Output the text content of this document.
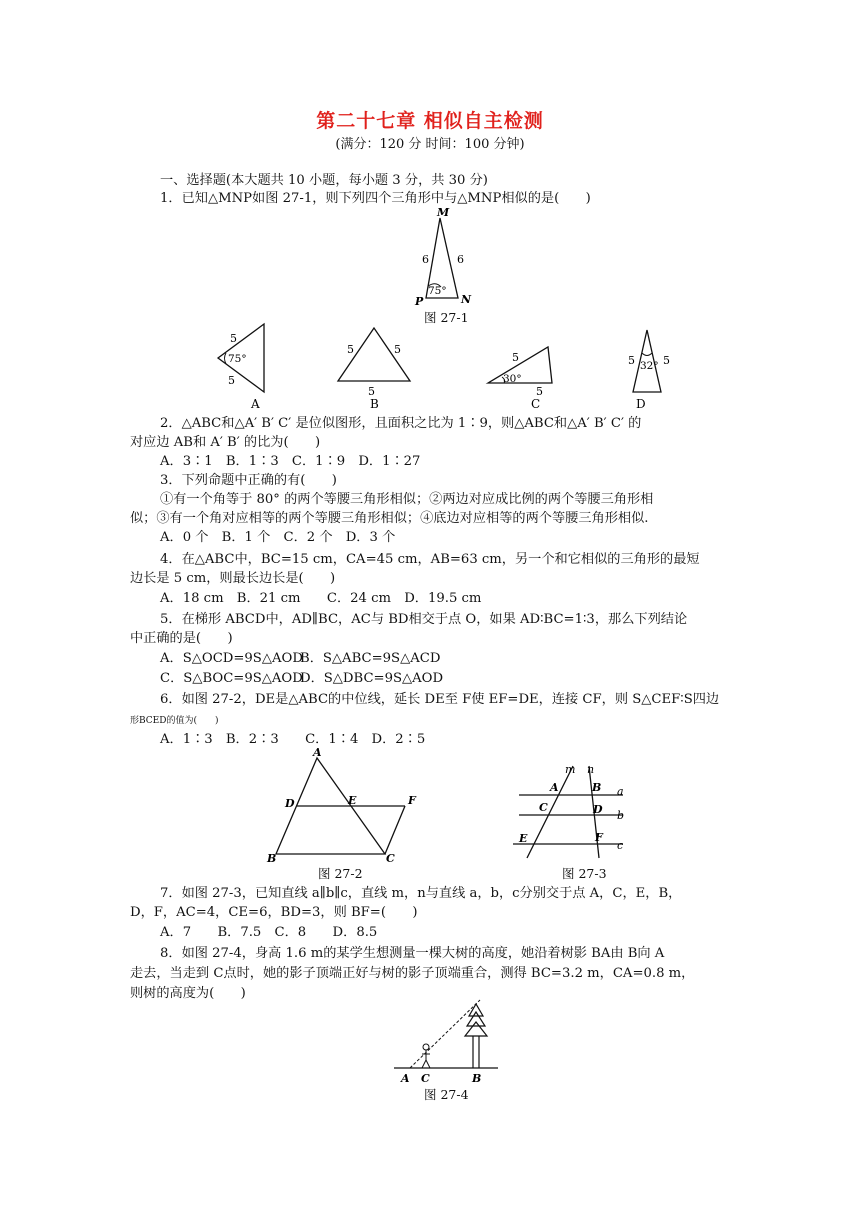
第二十七章 相似自主检测
(满分：120 分 时间：100 分钟)
一、选择题(本大题共 10 小题，每小题 3 分，共 30 分)
1．已知△MNP如图 27-1，则下列四个三角形中与△MNP相似的是(　　)
M
N
P
6	6
75°
图 27-1
5
5
75°
A
5	5
5
B
5
5
30°
C
5	5
32°
D
2．△ABC和△A′ B′ C′ 是位似图形，且面积之比为 1∶9，则△ABC和△A′ B′ C′ 的
对应边 AB和 A′ B′ 的比为(　　)
A．3∶1　B．1∶3　C．1∶9　D．1∶27
3．下列命题中正确的有(　　)
①有一个角等于 80° 的两个等腰三角形相似；②两边对应成比例的两个等腰三角形相
似；③有一个角对应相等的两个等腰三角形相似；④底边对应相等的两个等腰三角形相似.
A．0 个　B．1 个　C．2 个　D．3 个
4．在△ABC中，BC=15 cm，CA=45 cm，AB=63 cm，另一个和它相似的三角形的最短
边长是 5 cm，则最长边长是(　　)
A．18 cm　B．21 cm　　C．24 cm　D．19.5 cm
5．在梯形 ABCD中，AD∥BC，AC与 BD相交于点 O，如果 AD∶BC=1∶3，那么下列结论
中正确的是(　　)
A．S△OCD=9S△AOD
B．S△ABC=9S△ACD
C．S△BOC=9S△AOD
D．S△DBC=9S△AOD
6．如图 27-2，DE是△ABC的中位线，延长 DE至 F使 EF=DE，连接 CF，则 S△CEF∶S四边
形BCED的值为(　　)
A．1∶3　B．2∶3　　C．1∶4　D．2∶5
A
B	C
D	E	F
图 27-2
m n
A	B
C	D
E	F
a
b
c
图 27-3
7．如图 27-3，已知直线 a∥b∥c，直线 m，n与直线 a，b，c分别交于点 A，C，E，B，
D，F，AC=4，CE=6，BD=3，则 BF=(　　)
A．7　　B．7.5　C．8　　D．8.5
8．如图 27-4，身高 1.6 m的某学生想测量一棵大树的高度，她沿着树影 BA由 B向 A
走去，当走到 C点时，她的影子顶端正好与树的影子顶端重合，测得 BC=3.2 m，CA=0.8 m，
则树的高度为(　　)
A C	B
图 27-4
